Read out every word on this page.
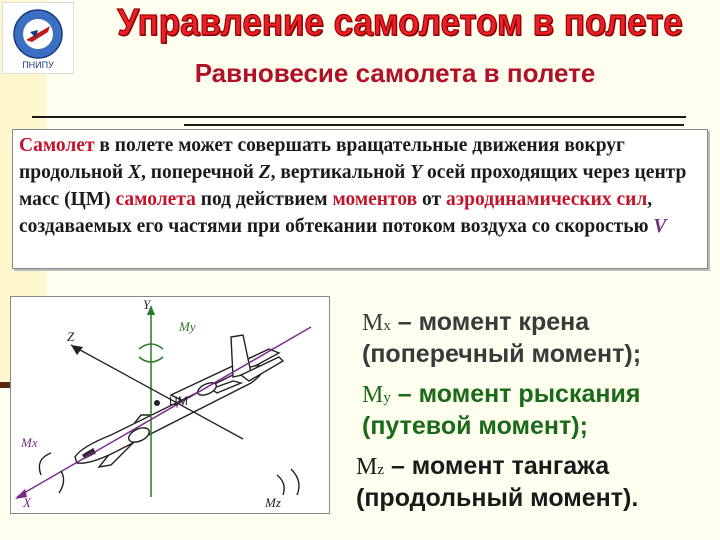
ПНИПУ
Управление самолетом в полете
Равновесие самолета в полете
Самолет в полете может совершать вращательные движения вокруг продольной X, поперечной Z, вертикальной Y осей проходящих через центр масс (ЦМ) самолета под действием моментов от аэродинамических сил, создаваемых его частями при обтекании потоком воздуха со скоростью V
Y
My
Z
ЦМ
Mx
X	Mz
Mx – момент крена
(поперечный момент);
My – момент рыскания
(путевой момент);
Mz – момент тангажа
(продольный момент).
